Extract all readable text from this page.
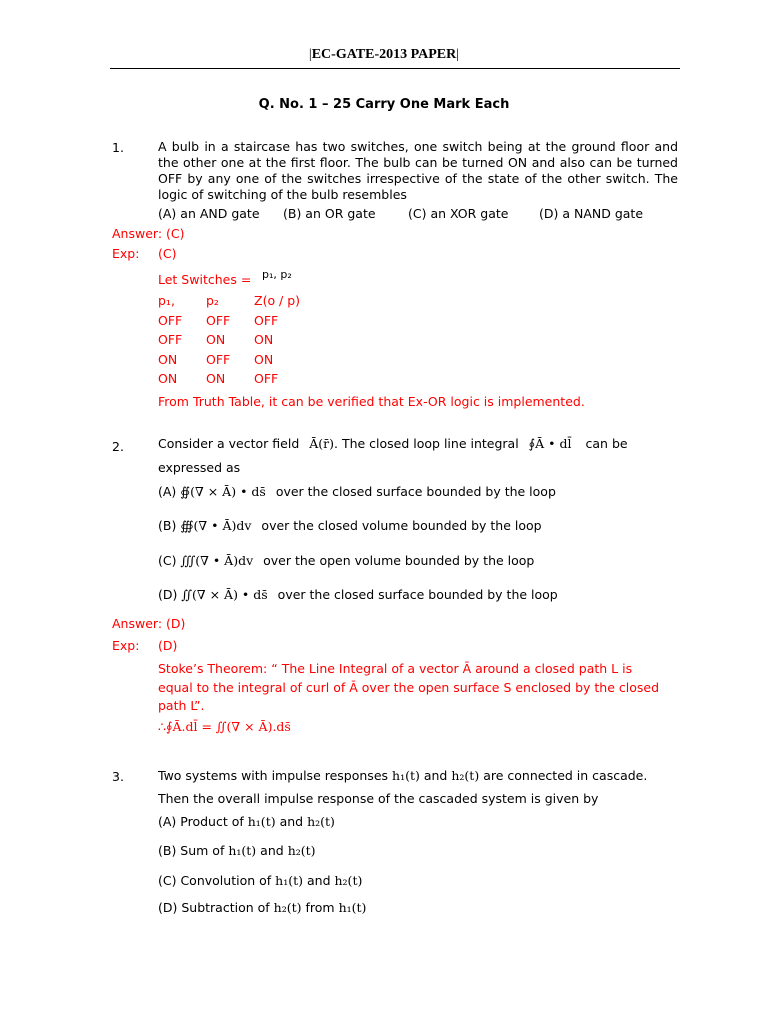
|EC-GATE-2013 PAPER|
Q. No. 1 – 25 Carry One Mark Each
1.	A bulb in a staircase has two switches, one switch being at the ground floor and the other one at the first floor. The bulb can be turned ON and also can be turned OFF by any one of the switches irrespective of the state of the other switch. The logic of switching of the bulb resembles
(A) an AND gate (B) an OR gate	(C) an XOR gate (D) a NAND gate
Answer: (C)
Exp: (C)
Let Switches = p₁, p₂
p₁,	p₂	Z(o / p)
OFF	OFF	OFF
OFF	ON	ON
ON	OFF	ON
ON	ON	OFF
From Truth Table, it can be verified that Ex-OR logic is implemented.
2.	Consider a vector field Ā(r̄). The closed loop line integral ∮Ā • dl̄ can be
expressed as
(A) ∯(∇ × Ā) • ds̄ over the closed surface bounded by the loop
(B) ∰(∇ • Ā)dv over the closed volume bounded by the loop
(C) ∭(∇ • Ā)dv over the open volume bounded by the loop
(D) ∬(∇ × Ā) • ds̄ over the closed surface bounded by the loop
Answer: (D)
Exp: (D)
Stoke’s Theorem: “ The Line Integral of a vector Ā around a closed path L is
equal to the integral of curl of Ā over the open surface S enclosed by the closed
path L”.
∴∮Ā.dl̄ = ∬(∇ × Ā).ds̄
3.	Two systems with impulse responses h₁(t) and h₂(t) are connected in cascade.
Then the overall impulse response of the cascaded system is given by
(A) Product of h₁(t) and h₂(t)
(B) Sum of h₁(t) and h₂(t)
(C) Convolution of h₁(t) and h₂(t)
(D) Subtraction of h₂(t) from h₁(t)
